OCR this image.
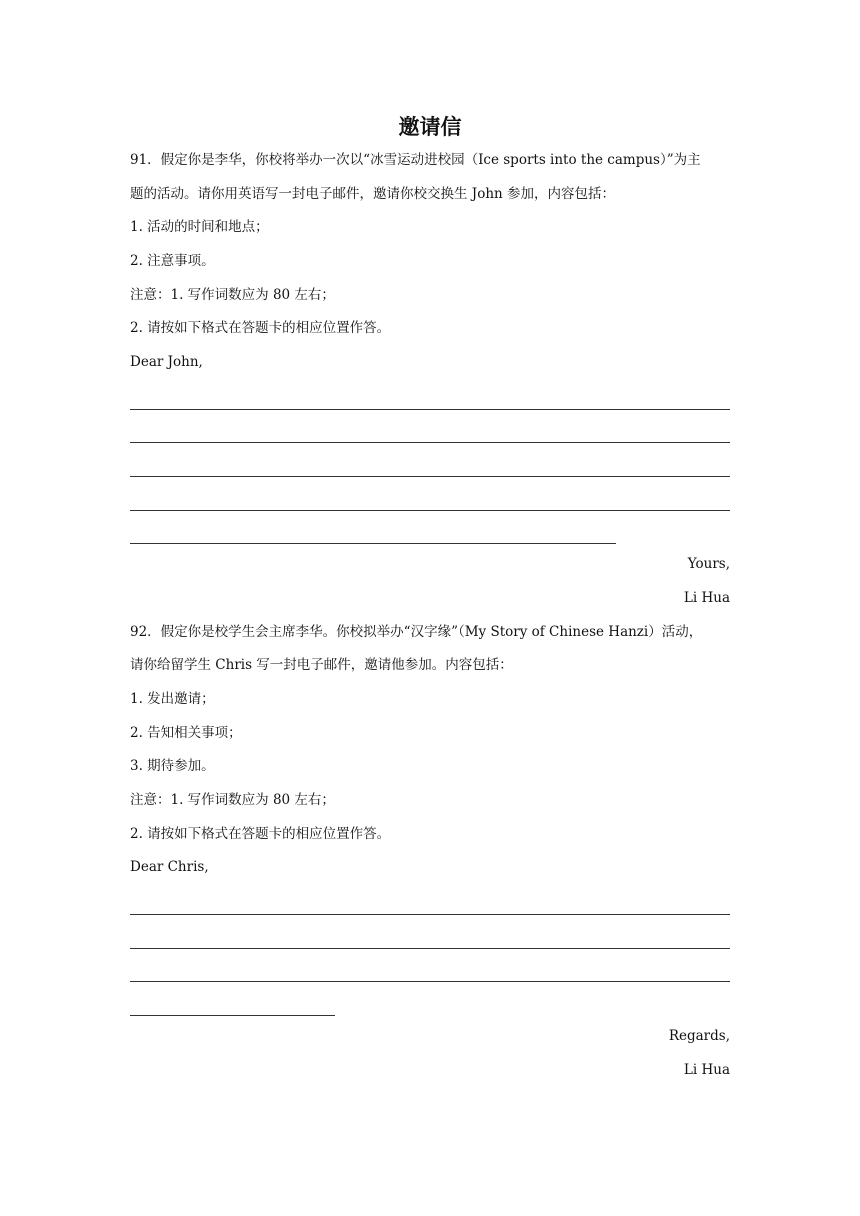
邀请信
91．假定你是李华，你校将举办一次以“冰雪运动进校园（Ice sports into the campus）”为主
题的活动。请你用英语写一封电子邮件，邀请你校交换生 John 参加，内容包括：
1. 活动的时间和地点；
2. 注意事项。
注意：1. 写作词数应为 80 左右；
2. 请按如下格式在答题卡的相应位置作答。
Dear John,
Yours,
Li Hua
92．假定你是校学生会主席李华。你校拟举办“汉字缘”（My Story of Chinese Hanzi）活动，
请你给留学生 Chris 写一封电子邮件，邀请他参加。内容包括：
1. 发出邀请；
2. 告知相关事项；
3. 期待参加。
注意：1. 写作词数应为 80 左右；
2. 请按如下格式在答题卡的相应位置作答。
Dear Chris,
Regards,
Li Hua
